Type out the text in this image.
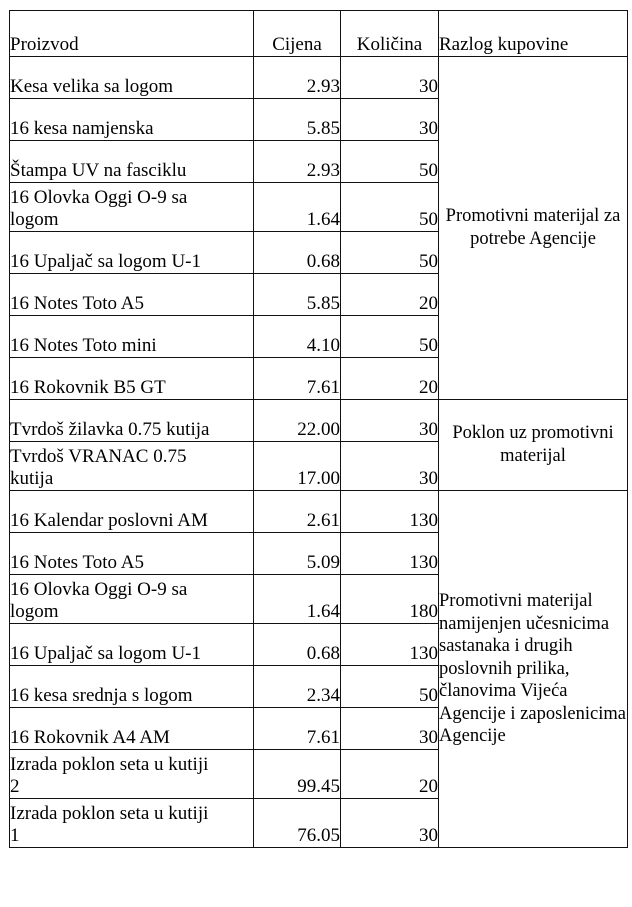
Proizvod	Cijena	Količina	Razlog kupovine

Kesa velika sa logom	2.93	30	Promotivni materijal za potrebe Agencije

16 kesa namjenska	5.85	30	

Štampa UV na fasciklu	2.93	50	

16 Olovka Oggi O-9 sa
logom	1.64	50	

16 Upaljač sa logom U-1	0.68	50	

16 Notes Toto A5	5.85	20	

16 Notes Toto mini	4.10	50	

16 Rokovnik B5 GT	7.61	20	

Tvrdoš žilavka 0.75 kutija	22.00	30	Poklon uz promotivni materijal

Tvrdoš VRANAC 0.75
kutija	17.00	30	

16 Kalendar poslovni AM	2.61	130	Promotivni materijal namijenjen učesnicima sastanaka i drugih poslovnih prilika, članovima Vijeća Agencije i zaposlenicima Agencije

16 Notes Toto A5	5.09	130	

16 Olovka Oggi O-9 sa
logom	1.64	180	

16 Upaljač sa logom U-1	0.68	130	

16 kesa srednja s logom	2.34	50	

16 Rokovnik A4 AM	7.61	30	

Izrada poklon seta u kutiji
2	99.45	20	

Izrada poklon seta u kutiji
1	76.05	30	
